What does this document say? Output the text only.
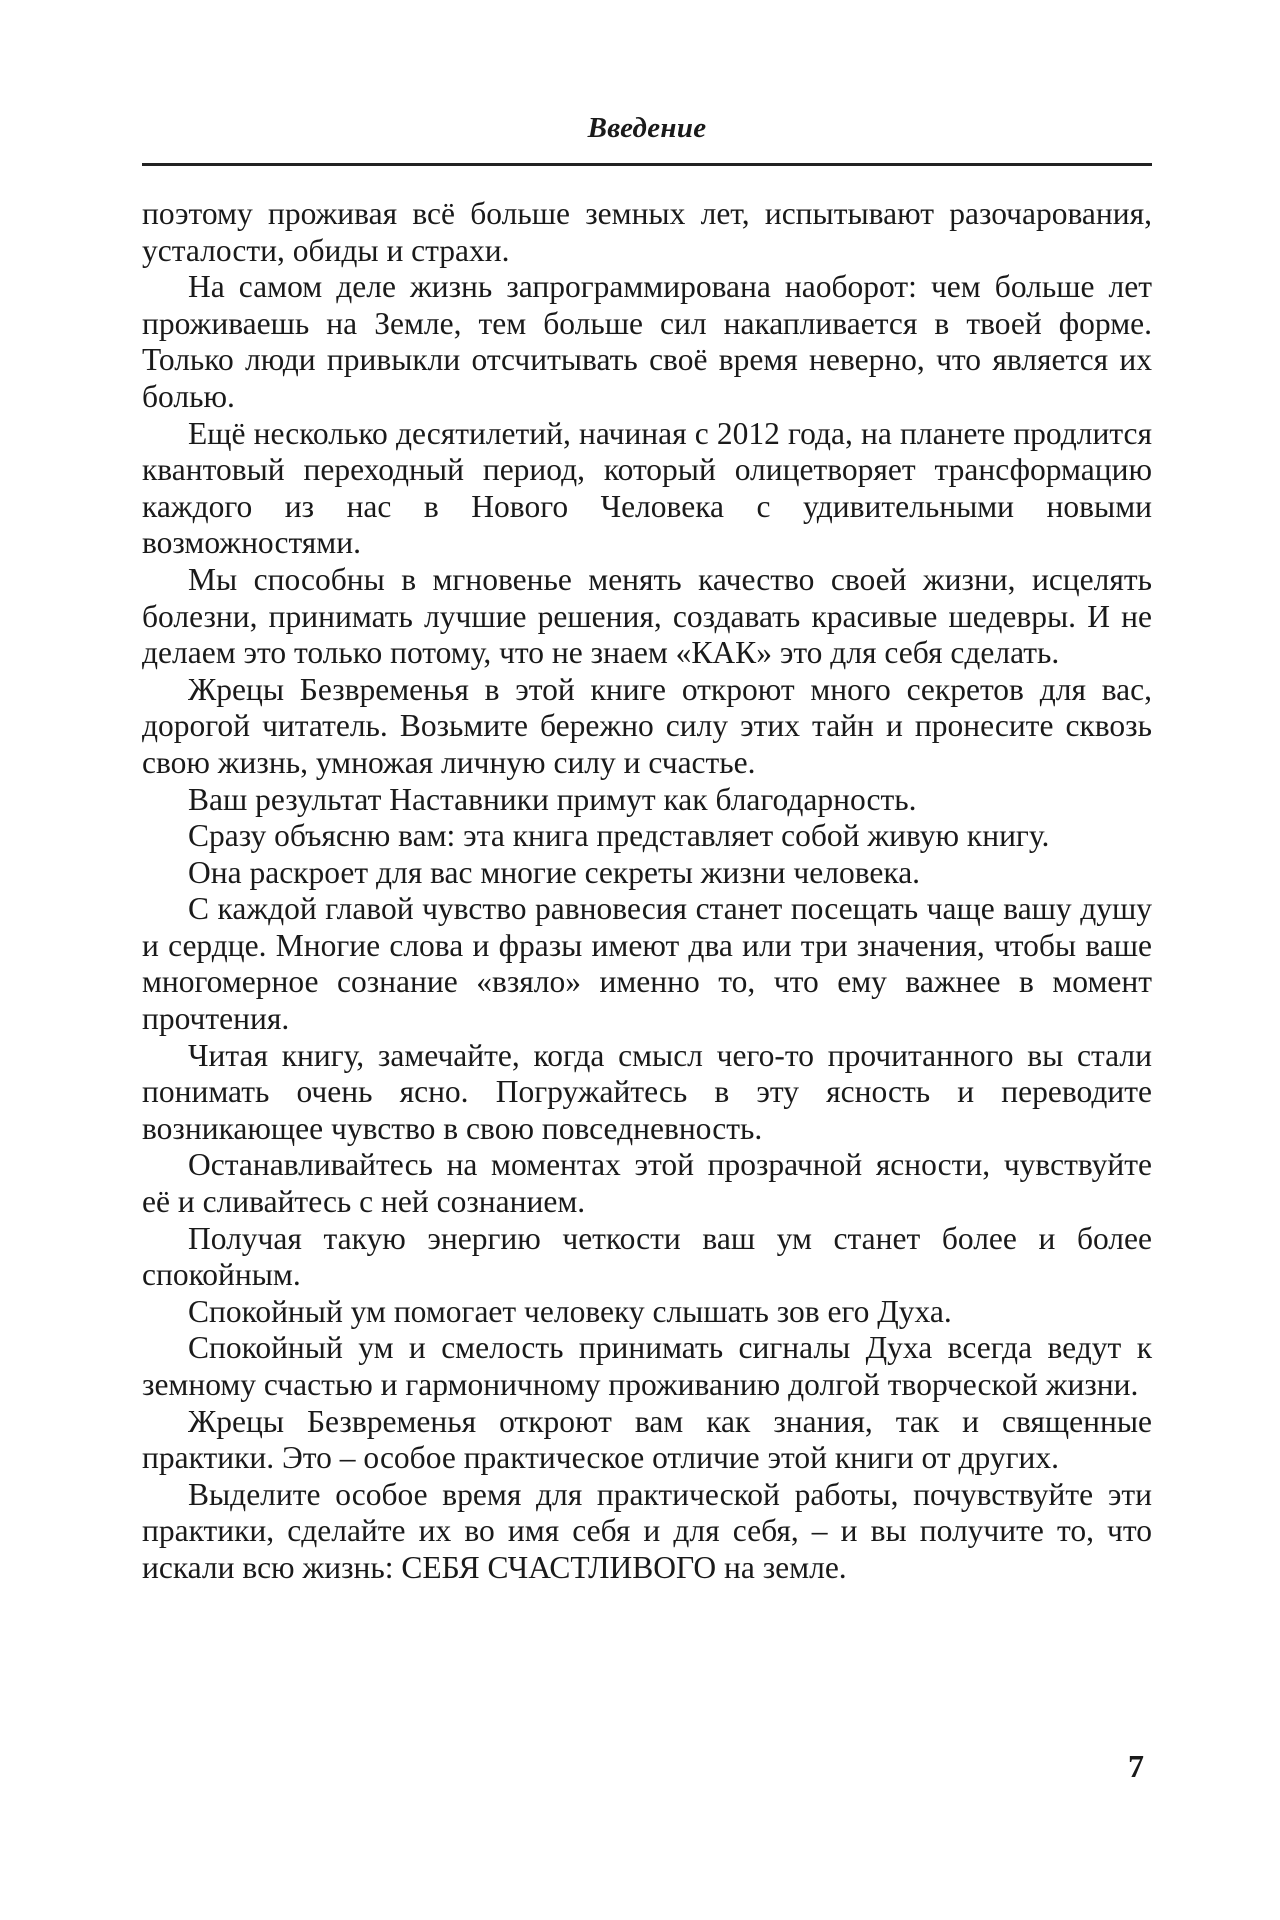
Введение

поэтому проживая всё больше земных лет, испытывают разочарования, усталости, обиды и страхи.

На самом деле жизнь запрограммирована наоборот: чем больше лет проживаешь на Земле, тем больше сил накапливается в твоей форме. Только люди привыкли отсчитывать своё время неверно, что является их болью.

Ещё несколько десятилетий, начиная с 2012 года, на планете продлится квантовый переходный период, который олицетворяет трансформацию каждого из нас в Нового Человека с удивительными новыми возможностями.

Мы способны в мгновенье менять качество своей жизни, исцелять болезни, принимать лучшие решения, создавать красивые шедевры. И не делаем это только потому, что не знаем «КАК» это для себя сделать.

Жрецы Безвременья в этой книге откроют много секретов для вас, дорогой читатель. Возьмите бережно силу этих тайн и пронесите сквозь свою жизнь, умножая личную силу и счастье.

Ваш результат Наставники примут как благодарность.

Сразу объясню вам: эта книга представляет собой живую книгу.

Она раскроет для вас многие секреты жизни человека.

С каждой главой чувство равновесия станет посещать чаще вашу душу и сердце. Многие слова и фразы имеют два или три значения, чтобы ваше многомерное сознание «взяло» именно то, что ему важнее в момент прочтения.

Читая книгу, замечайте, когда смысл чего-то прочитанного вы стали понимать очень ясно. Погружайтесь в эту ясность и переводите возникающее чувство в свою повседневность.

Останавливайтесь на моментах этой прозрачной ясности, чувствуйте её и сливайтесь с ней сознанием.

Получая такую энергию четкости ваш ум станет более и более спокойным.

Спокойный ум помогает человеку слышать зов его Духа.

Спокойный ум и смелость принимать сигналы Духа всегда ведут к земному счастью и гармоничному проживанию долгой творческой жизни.

Жрецы Безвременья откроют вам как знания, так и священные практики. Это – особое практическое отличие этой книги от других.

Выделите особое время для практической работы, почувствуйте эти практики, сделайте их во имя себя и для себя, – и вы получите то, что искали всю жизнь: СЕБЯ СЧАСТЛИВОГО на земле.

7
